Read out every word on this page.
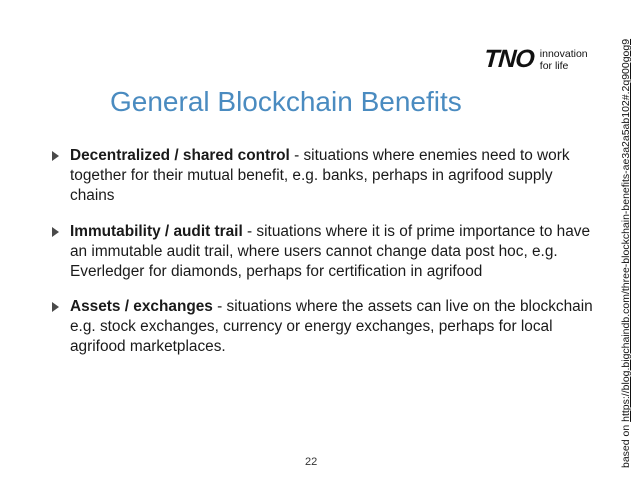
TNO innovation
for life
General Blockchain Benefits
Decentralized / shared control - situations where enemies need to work together for their mutual benefit, e.g. banks, perhaps in agrifood supply chains
Immutability / audit trail - situations where it is of prime importance to have an immutable audit trail, where users cannot change data post hoc, e.g. Everledger for diamonds, perhaps for certification in agrifood
Assets / exchanges - situations where the assets can live on the blockchain e.g. stock exchanges, currency or energy exchanges, perhaps for local agrifood marketplaces.
22	based on https://blog.bigchaindb.com/three-blockchain-benefits-ae3a2a5ab102#.2q900gog9
